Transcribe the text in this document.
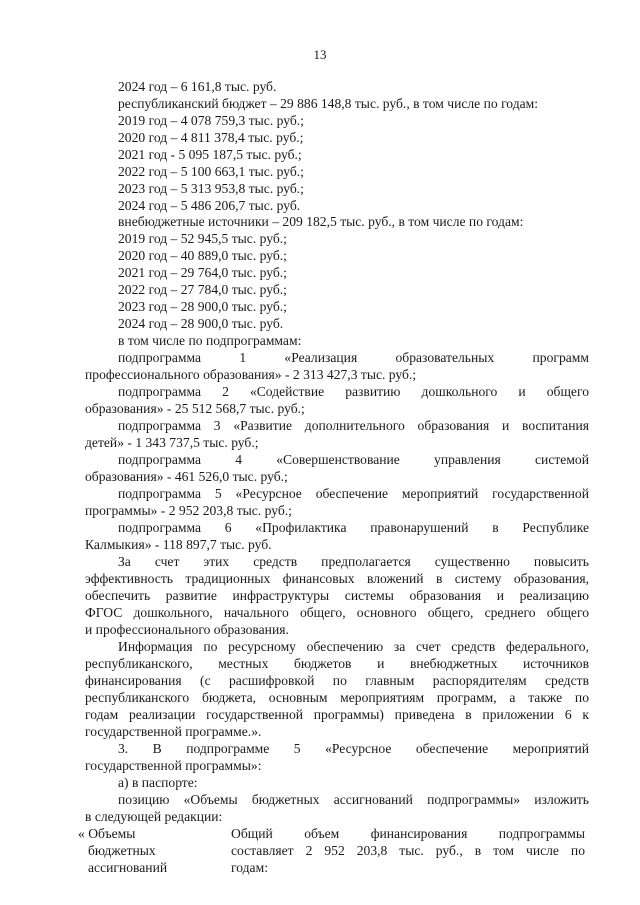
13
2024 год – 6 161,8 тыс. руб.
республиканский бюджет – 29 886 148,8 тыс. руб., в том числе по годам:
2019 год – 4 078 759,3 тыс. руб.;
2020 год – 4 811 378,4 тыс. руб.;
2021 год - 5 095 187,5 тыс. руб.;
2022 год – 5 100 663,1 тыс. руб.;
2023 год – 5 313 953,8 тыс. руб.;
2024 год – 5 486 206,7 тыс. руб.
внебюджетные источники – 209 182,5 тыс. руб., в том числе по годам:
2019 год – 52 945,5 тыс. руб.;
2020 год – 40 889,0 тыс. руб.;
2021 год – 29 764,0 тыс. руб.;
2022 год – 27 784,0 тыс. руб.;
2023 год – 28 900,0 тыс. руб.;
2024 год – 28 900,0 тыс. руб.
в том числе по подпрограммам:
подпрограмма 1 «Реализация образовательных программ
профессионального образования» - 2 313 427,3 тыс. руб.;
подпрограмма 2 «Содействие развитию дошкольного и общего
образования» - 25 512 568,7 тыс. руб.;
подпрограмма 3 «Развитие дополнительного образования и воспитания
детей» - 1 343 737,5 тыс. руб.;
подпрограмма 4 «Совершенствование управления системой
образования» - 461 526,0 тыс. руб.;
подпрограмма 5 «Ресурсное обеспечение мероприятий государственной
программы» - 2 952 203,8 тыс. руб.;
подпрограмма 6 «Профилактика правонарушений в Республике
Калмыкия» - 118 897,7 тыс. руб.
За счет этих средств предполагается существенно повысить
эффективность традиционных финансовых вложений в систему образования,
обеспечить развитие инфраструктуры системы образования и реализацию
ФГОС дошкольного, начального общего, основного общего, среднего общего
и профессионального образования.
Информация по ресурсному обеспечению за счет средств федерального,
республиканского, местных бюджетов и внебюджетных источников
финансирования (с расшифровкой по главным распорядителям средств
республиканского бюджета, основным мероприятиям программ, а также по
годам реализации государственной программы) приведена в приложении 6 к
государственной программе.».
3. В подпрограмме 5 «Ресурсное обеспечение мероприятий
государственной программы»:
а) в паспорте:
позицию «Объемы бюджетных ассигнований подпрограммы» изложить
в следующей редакции:
« Объемы
бюджетных
ассигнований
Общий объем финансирования подпрограммы
составляет 2 952 203,8 тыс. руб., в том числе по
годам:
